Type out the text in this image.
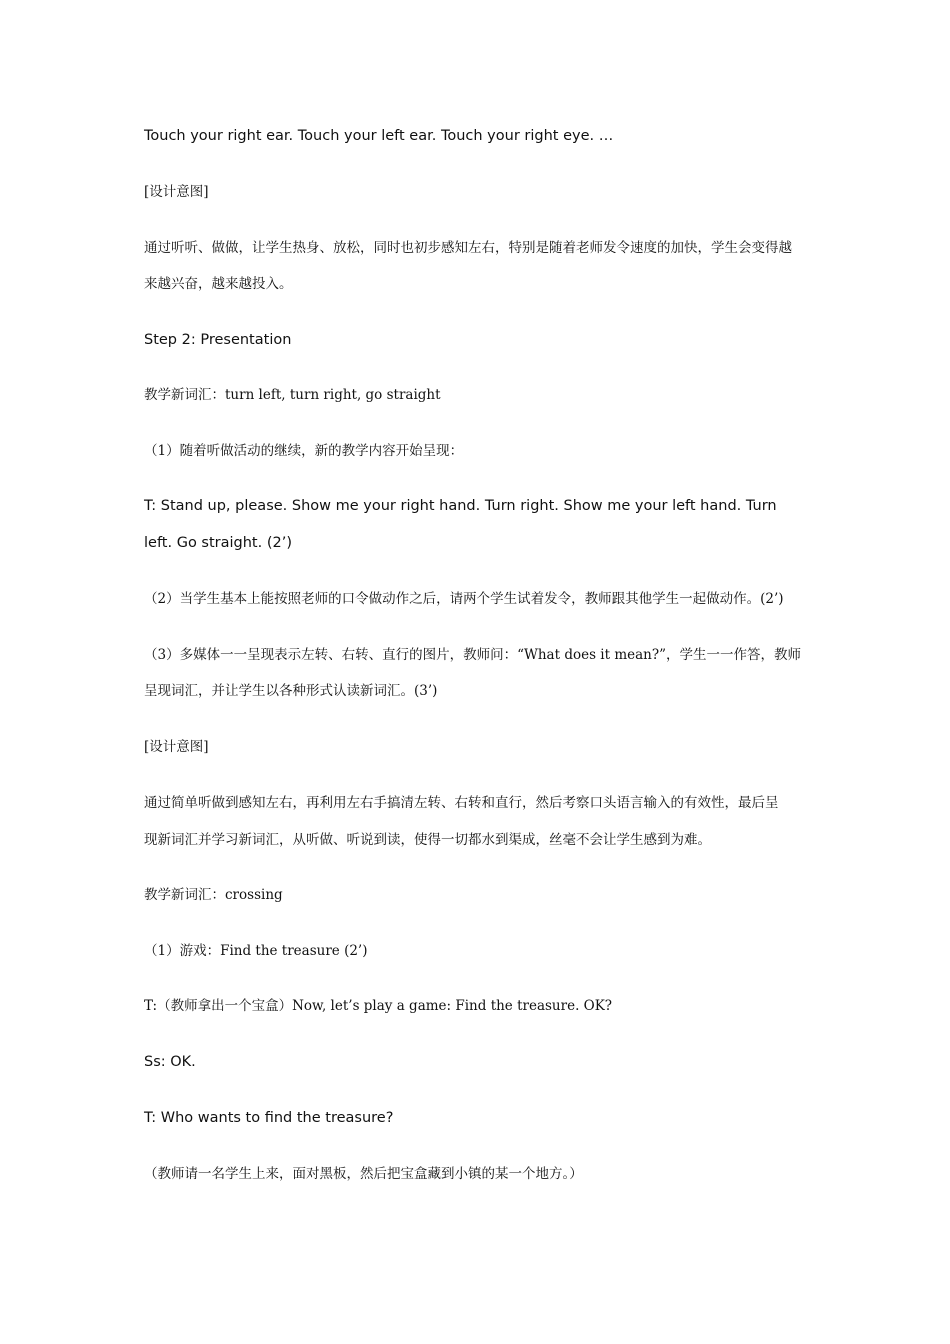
Touch your right ear. Touch your left ear. Touch your right eye. …
[设计意图]
通过听听、做做，让学生热身、放松，同时也初步感知左右，特别是随着老师发令速度的加快，学生会变得越
来越兴奋，越来越投入。
Step 2: Presentation
教学新词汇：turn left, turn right, go straight
（1）随着听做活动的继续，新的教学内容开始呈现：
T: Stand up, please. Show me your right hand. Turn right. Show me your left hand. Turn
left. Go straight. (2’)
（2）当学生基本上能按照老师的口令做动作之后，请两个学生试着发令，教师跟其他学生一起做动作。(2’)
（3）多媒体一一呈现表示左转、右转、直行的图片，教师问：“What does it mean?”，学生一一作答，教师
呈现词汇，并让学生以各种形式认读新词汇。(3’)
[设计意图]
通过简单听做到感知左右，再利用左右手搞清左转、右转和直行，然后考察口头语言输入的有效性，最后呈
现新词汇并学习新词汇，从听做、听说到读，使得一切都水到渠成，丝毫不会让学生感到为难。
教学新词汇：crossing
（1）游戏：Find the treasure (2’)
T:（教师拿出一个宝盒）Now, let’s play a game: Find the treasure. OK?
Ss: OK.
T: Who wants to find the treasure?
（教师请一名学生上来，面对黑板，然后把宝盒藏到小镇的某一个地方。）
